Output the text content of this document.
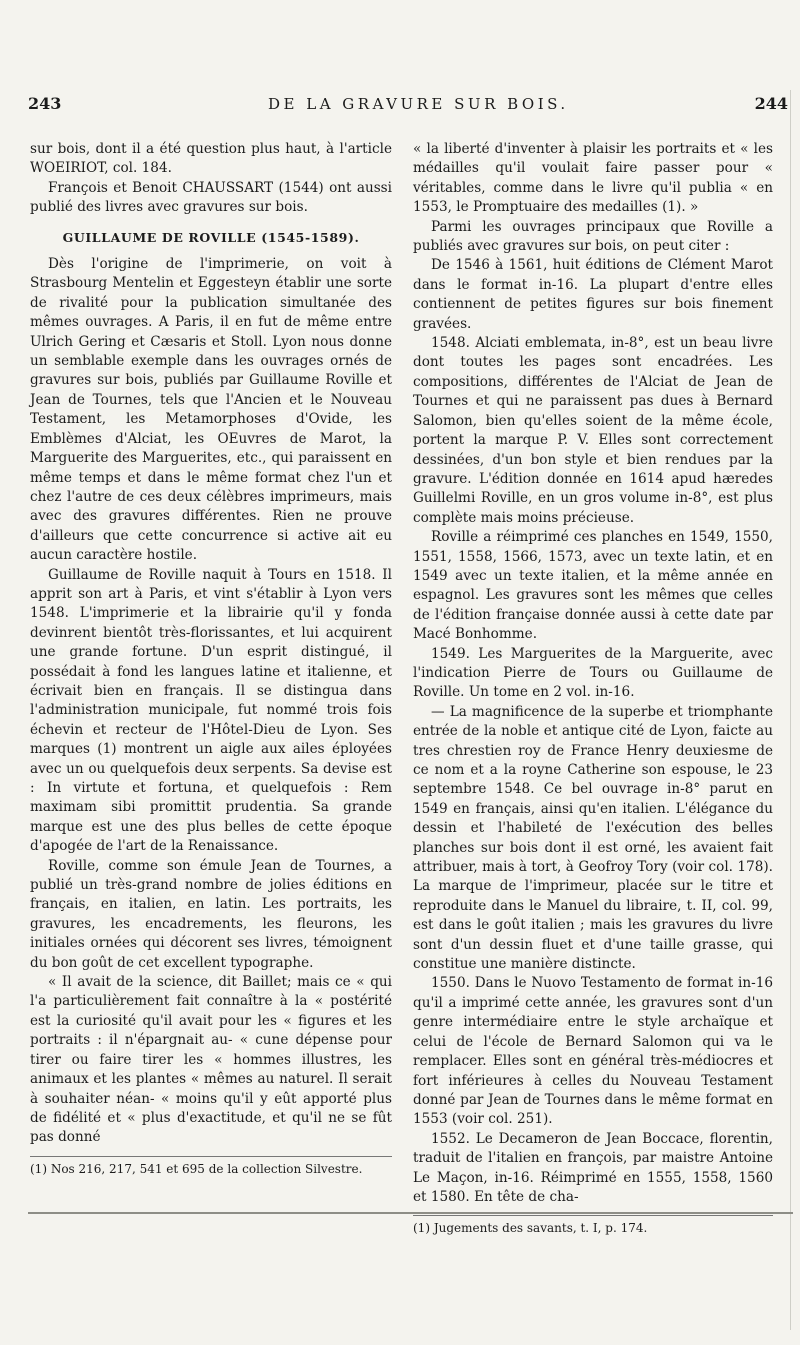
243	DE LA GRAVURE SUR BOIS.	244

sur bois, dont il a été question plus haut, à l'article WOEIRIOT, col. 184.

François et Benoit CHAUSSART (1544) ont aussi publié des livres avec gravures sur bois.

GUILLAUME DE ROVILLE (1545-1589).

Dès l'origine de l'imprimerie, on voit à Strasbourg Mentelin et Eggesteyn établir une sorte de rivalité pour la publication simultanée des mêmes ouvrages. A Paris, il en fut de même entre Ulrich Gering et Cæsaris et Stoll. Lyon nous donne un semblable exemple dans les ouvrages ornés de gravures sur bois, publiés par Guillaume Roville et Jean de Tournes, tels que l'Ancien et le Nouveau Testament, les Metamorphoses d'Ovide, les Emblèmes d'Alciat, les OEuvres de Marot, la Marguerite des Marguerites, etc., qui paraissent en même temps et dans le même format chez l'un et chez l'autre de ces deux célèbres imprimeurs, mais avec des gravures différentes. Rien ne prouve d'ailleurs que cette concurrence si active ait eu aucun caractère hostile.

Guillaume de Roville naquit à Tours en 1518. Il apprit son art à Paris, et vint s'établir à Lyon vers 1548. L'imprimerie et la librairie qu'il y fonda devinrent bientôt très-florissantes, et lui acquirent une grande fortune. D'un esprit distingué, il possédait à fond les langues latine et italienne, et écrivait bien en français. Il se distingua dans l'administration municipale, fut nommé trois fois échevin et recteur de l'Hôtel-Dieu de Lyon. Ses marques (1) montrent un aigle aux ailes éployées avec un ou quelquefois deux serpents. Sa devise est : In virtute et fortuna, et quelquefois : Rem maximam sibi promittit prudentia. Sa grande marque est une des plus belles de cette époque d'apogée de l'art de la Renaissance.

Roville, comme son émule Jean de Tournes, a publié un très-grand nombre de jolies éditions en français, en italien, en latin. Les portraits, les gravures, les encadrements, les fleurons, les initiales ornées qui décorent ses livres, témoignent du bon goût de cet excellent typographe.

« Il avait de la science, dit Baillet; mais ce « qui l'a particulièrement fait connaître à la « postérité est la curiosité qu'il avait pour les « figures et les portraits : il n'épargnait au- « cune dépense pour tirer ou faire tirer les « hommes illustres, les animaux et les plantes « mêmes au naturel. Il serait à souhaiter néan- « moins qu'il y eût apporté plus de fidélité et « plus d'exactitude, et qu'il ne se fût pas donné

(1) Nos 216, 217, 541 et 695 de la collection Silvestre.

« la liberté d'inventer à plaisir les portraits et « les médailles qu'il voulait faire passer pour « véritables, comme dans le livre qu'il publia « en 1553, le Promptuaire des medailles (1). »

Parmi les ouvrages principaux que Roville a publiés avec gravures sur bois, on peut citer :

De 1546 à 1561, huit éditions de Clément Marot dans le format in-16. La plupart d'entre elles contiennent de petites figures sur bois finement gravées.

1548. Alciati emblemata, in-8°, est un beau livre dont toutes les pages sont encadrées. Les compositions, différentes de l'Alciat de Jean de Tournes et qui ne paraissent pas dues à Bernard Salomon, bien qu'elles soient de la même école, portent la marque P. V. Elles sont correctement dessinées, d'un bon style et bien rendues par la gravure. L'édition donnée en 1614 apud hæredes Guillelmi Roville, en un gros volume in-8°, est plus complète mais moins précieuse.

Roville a réimprimé ces planches en 1549, 1550, 1551, 1558, 1566, 1573, avec un texte latin, et en 1549 avec un texte italien, et la même année en espagnol. Les gravures sont les mêmes que celles de l'édition française donnée aussi à cette date par Macé Bonhomme.

1549. Les Marguerites de la Marguerite, avec l'indication Pierre de Tours ou Guillaume de Roville. Un tome en 2 vol. in-16.

— La magnificence de la superbe et triomphante entrée de la noble et antique cité de Lyon, faicte au tres chrestien roy de France Henry deuxiesme de ce nom et a la royne Catherine son espouse, le 23 septembre 1548. Ce bel ouvrage in-8° parut en 1549 en français, ainsi qu'en italien. L'élégance du dessin et l'habileté de l'exécution des belles planches sur bois dont il est orné, les avaient fait attribuer, mais à tort, à Geofroy Tory (voir col. 178). La marque de l'imprimeur, placée sur le titre et reproduite dans le Manuel du libraire, t. II, col. 99, est dans le goût italien ; mais les gravures du livre sont d'un dessin fluet et d'une taille grasse, qui constitue une manière distincte.

1550. Dans le Nuovo Testamento de format in-16 qu'il a imprimé cette année, les gravures sont d'un genre intermédiaire entre le style archaïque et celui de l'école de Bernard Salomon qui va le remplacer. Elles sont en général très-médiocres et fort inférieures à celles du Nouveau Testament donné par Jean de Tournes dans le même format en 1553 (voir col. 251).

1552. Le Decameron de Jean Boccace, florentin, traduit de l'italien en françois, par maistre Antoine Le Maçon, in-16. Réimprimé en 1555, 1558, 1560 et 1580. En tête de cha-

(1) Jugements des savants, t. I, p. 174.
